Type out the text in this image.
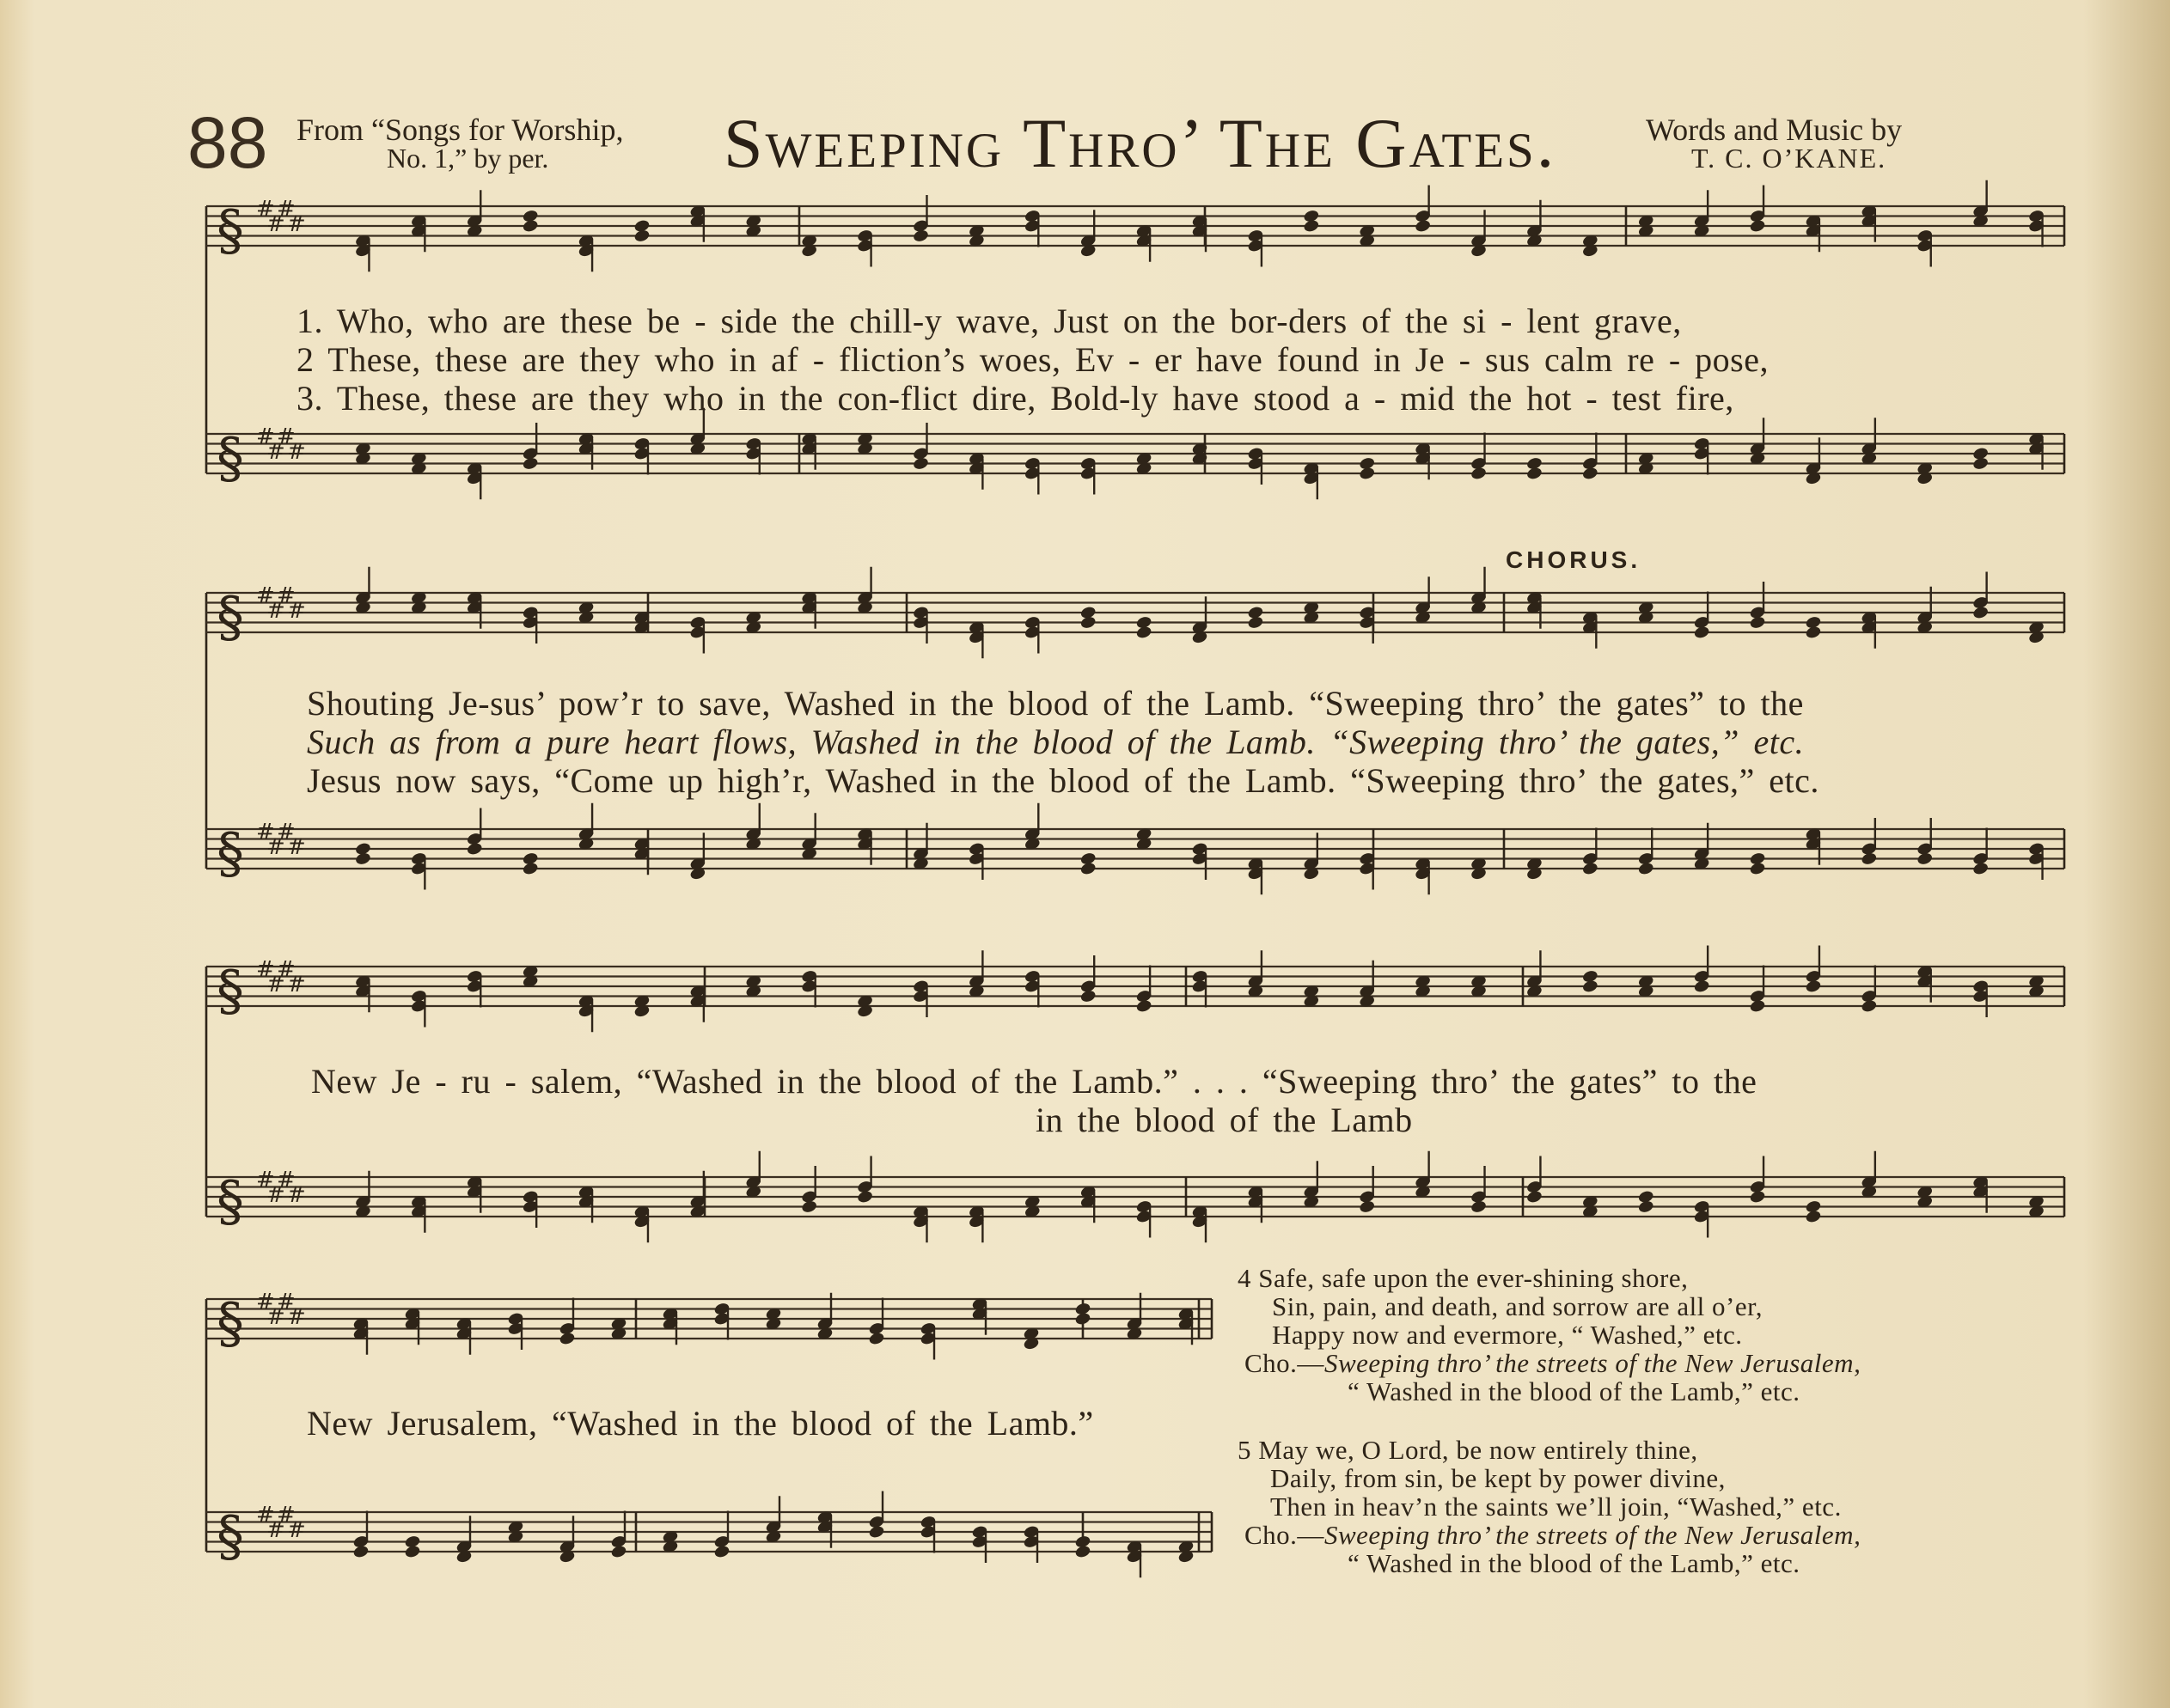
88 From “Songs for Worship,
No. 1,” by per. Sweeping Thro’ The Gates.	Words and Music by
T. C. O’KANE.
§ #
#
#
#
§ #
#
#
#
§ #
#
#
#
§ #
#
#
#
§ #
#
#
#
§ #
#
#
#
§ #
#
#
#
§ #
#
#
#
1. Who, who are these be - side the chill-y wave, Just on the bor-ders of the si - lent grave,
2 These, these are they who in af - fliction’s woes, Ev - er have found in Je - sus calm re - pose,
3. These, these are they who in the con-flict dire, Bold-ly have stood a - mid the hot - test fire,
CHORUS.
Shouting Je-sus’ pow’r to save, Washed in the blood of the Lamb. “Sweeping thro’ the gates” to the
Such as from a pure heart flows, Washed in the blood of the Lamb. “Sweeping thro’ the gates,” etc.
Jesus now says, “Come up high’r, Washed in the blood of the Lamb. “Sweeping thro’ the gates,” etc.
New Je - ru - salem, “Washed in the blood of the Lamb.” . . . “Sweeping thro’ the gates” to the
in the blood of the Lamb
New Jerusalem, “Washed in the blood of the Lamb.”
4 Safe, safe upon the ever-shining shore,
Sin, pain, and death, and sorrow are all o’er,
Happy now and evermore, “ Washed,” etc.
Cho.—Sweeping thro’ the streets of the New Jerusalem,
“ Washed in the blood of the Lamb,” etc.
5 May we, O Lord, be now entirely thine,
Daily, from sin, be kept by power divine,
Then in heav’n the saints we’ll join, “Washed,” etc.
Cho.—Sweeping thro’ the streets of the New Jerusalem,
“ Washed in the blood of the Lamb,” etc.
